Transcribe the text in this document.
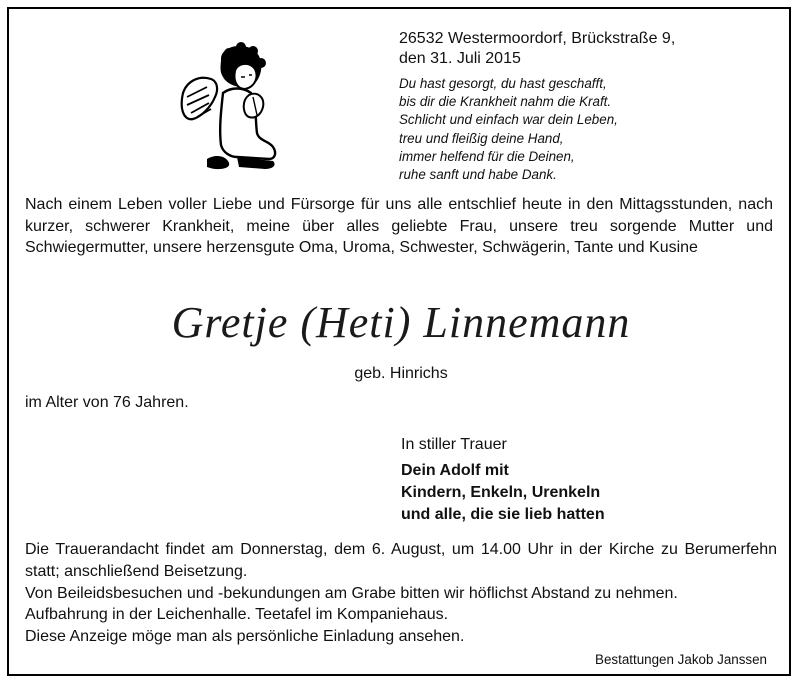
26532 Westermoordorf, Brückstraße 9,
den 31. Juli 2015
Du hast gesorgt, du hast geschafft,
bis dir die Krankheit nahm die Kraft.
Schlicht und einfach war dein Leben,
treu und fleißig deine Hand,
immer helfend für die Deinen,
ruhe sanft und habe Dank.
Nach einem Leben voller Liebe und Fürsorge für uns alle entschlief heute in den Mittagsstunden, nach kurzer, schwerer Krankheit, meine über alles geliebte Frau, unsere treu sorgende Mutter und Schwiegermutter, unsere herzensgute Oma, Uroma, Schwester, Schwägerin, Tante und Kusine
Gretje (Heti) Linnemann
geb. Hinrichs
im Alter von 76 Jahren.
In stiller Trauer
Dein Adolf mit
Kindern, Enkeln, Urenkeln
und alle, die sie lieb hatten
Die Trauerandacht findet am Donnerstag, dem 6. August, um 14.00 Uhr in der Kirche zu Berumerfehn statt; anschließend Beisetzung.
Von Beileidsbesuchen und -bekundungen am Grabe bitten wir höflichst Abstand zu nehmen.
Aufbahrung in der Leichenhalle. Teetafel im Kompaniehaus.
Diese Anzeige möge man als persönliche Einladung ansehen.
Bestattungen Jakob Janssen
